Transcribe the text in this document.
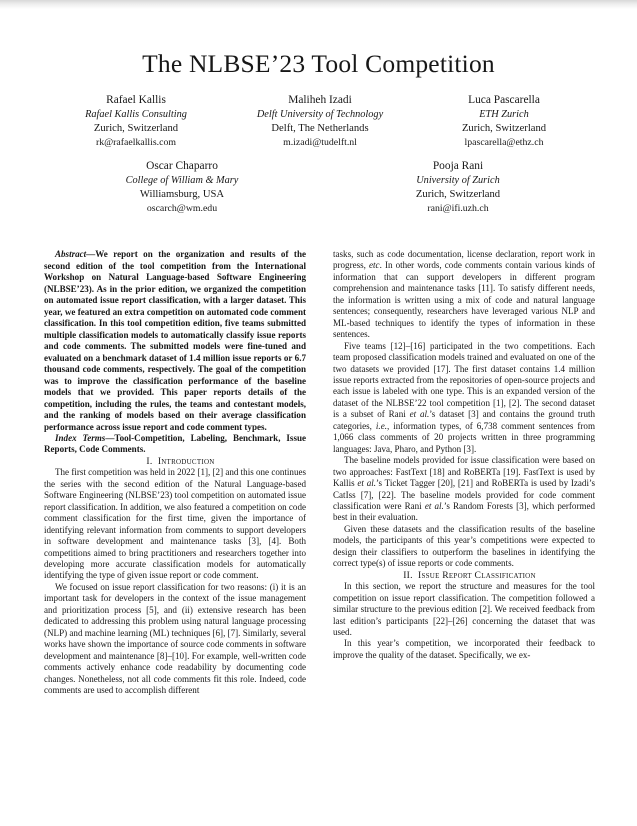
The NLBSE’23 Tool Competition
Rafael Kallis
Rafael Kallis Consulting
Zurich, Switzerland
rk@rafaelkallis.com
Maliheh Izadi
Delft University of Technology
Delft, The Netherlands
m.izadi@tudelft.nl
Luca Pascarella
ETH Zurich
Zurich, Switzerland
lpascarella@ethz.ch
Oscar Chaparro
College of William & Mary
Williamsburg, USA
oscarch@wm.edu
Pooja Rani
University of Zurich
Zurich, Switzerland
rani@ifi.uzh.ch

Abstract—We report on the organization and results of the second edition of the tool competition from the International Workshop on Natural Language-based Software Engineering (NLBSE’23). As in the prior edition, we organized the competition on automated issue report classification, with a larger dataset. This year, we featured an extra competition on automated code comment classification. In this tool competition edition, five teams submitted multiple classification models to automatically classify issue reports and code comments. The submitted models were fine-tuned and evaluated on a benchmark dataset of 1.4 million issue reports or 6.7 thousand code comments, respectively. The goal of the competition was to improve the classification performance of the baseline models that we provided. This paper reports details of the competition, including the rules, the teams and contestant models, and the ranking of models based on their average classification performance across issue report and code comment types.

Index Terms—Tool-Competition, Labeling, Benchmark, Issue Reports, Code Comments.

I. Introduction

The first competition was held in 2022 [1], [2] and this one continues the series with the second edition of the Natural Language-based Software Engineering (NLBSE’23) tool competition on automated issue report classification. In addition, we also featured a competition on code comment classification for the first time, given the importance of identifying relevant information from comments to support developers in software development and maintenance tasks [3], [4]. Both competitions aimed to bring practitioners and researchers together into developing more accurate classification models for automatically identifying the type of given issue report or code comment.

We focused on issue report classification for two reasons: (i) it is an important task for developers in the context of the issue management and prioritization process [5], and (ii) extensive research has been dedicated to addressing this problem using natural language processing (NLP) and machine learning (ML) techniques [6], [7]. Similarly, several works have shown the importance of source code comments in software development and maintenance [8]–[10]. For example, well-written code comments actively enhance code readability by documenting code changes. Nonetheless, not all code comments fit this role. Indeed, code comments are used to accomplish different

tasks, such as code documentation, license declaration, report work in progress, etc. In other words, code comments contain various kinds of information that can support developers in different program comprehension and maintenance tasks [11]. To satisfy different needs, the information is written using a mix of code and natural language sentences; consequently, researchers have leveraged various NLP and ML-based techniques to identify the types of information in these sentences.

Five teams [12]–[16] participated in the two competitions. Each team proposed classification models trained and evaluated on one of the two datasets we provided [17]. The first dataset contains 1.4 million issue reports extracted from the repositories of open-source projects and each issue is labeled with one type. This is an expanded version of the dataset of the NLBSE’22 tool competition [1], [2]. The second dataset is a subset of Rani et al.’s dataset [3] and contains the ground truth categories, i.e., information types, of 6,738 comment sentences from 1,066 class comments of 20 projects written in three programming languages: Java, Pharo, and Python [3].

The baseline models provided for issue classification were based on two approaches: FastText [18] and RoBERTa [19]. FastText is used by Kallis et al.’s Ticket Tagger [20], [21] and RoBERTa is used by Izadi’s CatIss [7], [22]. The baseline models provided for code comment classification were Rani et al.’s Random Forests [3], which performed best in their evaluation.

Given these datasets and the classification results of the baseline models, the participants of this year’s competitions were expected to design their classifiers to outperform the baselines in identifying the correct type(s) of issue reports or code comments.

II. Issue Report Classification

In this section, we report the structure and measures for the tool competition on issue report classification. The competition followed a similar structure to the previous edition [2]. We received feedback from last edition’s participants [22]–[26] concerning the dataset that was used.

In this year’s competition, we incorporated their feedback to improve the quality of the dataset. Specifically, we ex-
